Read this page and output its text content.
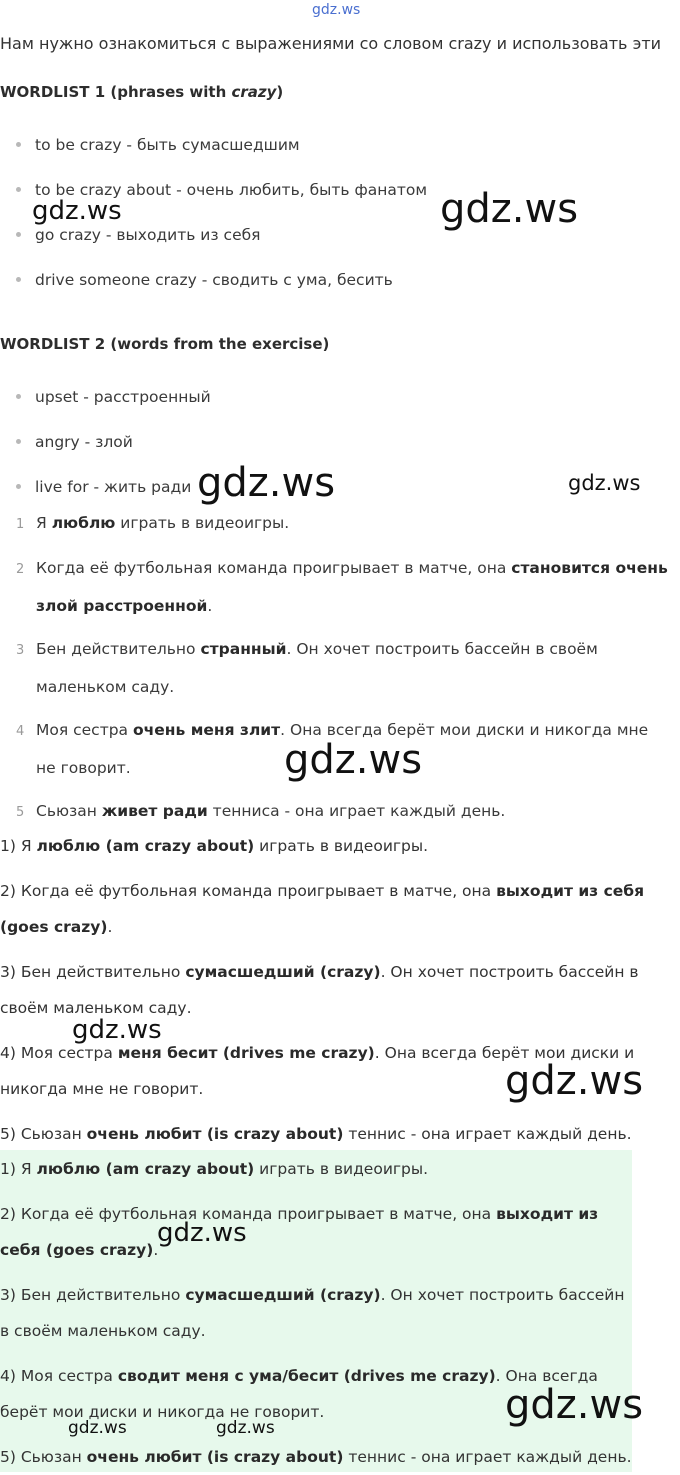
gdz.ws
Нам нужно ознакомиться с выражениями со словом crazy и использовать эти
WORDLIST 1 (phrases with crazy)
to be crazy - быть сумасшедшим
to be crazy about - очень любить, быть фанатом
go crazy - выходить из себя
drive someone crazy - сводить с ума, бесить
WORDLIST 2 (words from the exercise)
upset - расстроенный
angry - злой
live for - жить ради
1 Я люблю играть в видеоигры.
2 Когда её футбольная команда проигрывает в матче, она становится очень
злой расстроенной.
3 Бен действительно странный. Он хочет построить бассейн в своём
маленьком саду.
4 Моя сестра очень меня злит. Она всегда берёт мои диски и никогда мне
не говорит.
5 Сьюзан живет ради тенниса - она играет каждый день.
1) Я люблю (am crazy about) играть в видеоигры.
2) Когда её футбольная команда проигрывает в матче, она выходит из себя
(goes crazy).
3) Бен действительно сумасшедший (crazy). Он хочет построить бассейн в
своём маленьком саду.
4) Моя сестра меня бесит (drives me crazy). Она всегда берёт мои диски и
никогда мне не говорит.
5) Сьюзан очень любит (is crazy about) теннис - она играет каждый день.
1) Я люблю (am crazy about) играть в видеоигры.
2) Когда её футбольная команда проигрывает в матче, она выходит из
себя (goes crazy).
3) Бен действительно сумасшедший (crazy). Он хочет построить бассейн
в своём маленьком саду.
4) Моя сестра сводит меня с ума/бесит (drives me crazy). Она всегда
берёт мои диски и никогда не говорит.
5) Сьюзан очень любит (is crazy about) теннис - она играет каждый день.
gdz.ws	gdz.ws
gdz.ws	gdz.ws
gdz.ws
gdz.ws
gdz.ws
gdz.ws
gdz.ws
gdz.ws	gdz.ws
